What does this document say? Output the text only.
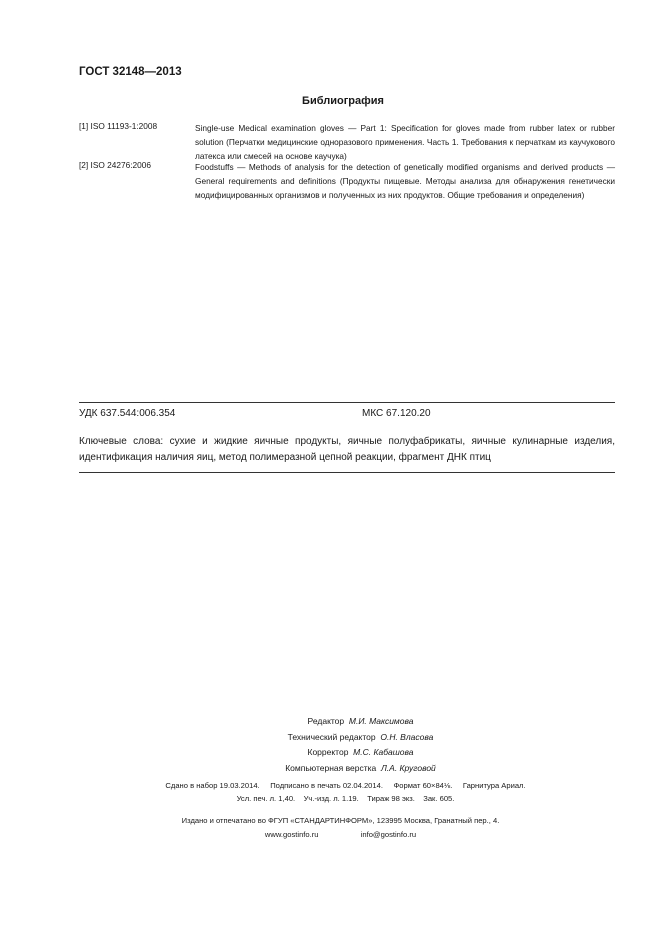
ГОСТ 32148—2013
Библиография
[1] ISO 11193-1:2008	Single-use Medical examination gloves — Part 1: Specification for gloves made from rubber latex or rubber solution (Перчатки медицинские одноразового применения. Часть 1. Требования к перчаткам из каучукового латекса или смесей на основе каучука)
[2] ISO 24276:2006	Foodstuffs — Methods of analysis for the detection of genetically modified organisms and derived products — General requirements and definitions (Продукты пищевые. Методы анализа для обнаружения генетически модифицированных организмов и полученных из них продуктов. Общие требования и определения)
УДК 637.544:006.354	МКС 67.120.20
Ключевые слова: сухие и жидкие яичные продукты, яичные полуфабрикаты, яичные кулинарные изделия, идентификация наличия яиц, метод полимеразной цепной реакции, фрагмент ДНК птиц
Редактор М.И. Максимова
Технический редактор О.Н. Власова
Корректор М.С. Кабашова
Компьютерная верстка Л.А. Круговой
Сдано в набор 19.03.2014.     Подписано в печать 02.04.2014.     Формат 60×84⅛.     Гарнитура Ариал.
Усл. печ. л. 1,40.    Уч.-изд. л. 1.19.    Тираж 98 экз.    Зак. 605.
Издано и отпечатано во ФГУП «СТАНДАРТИНФОРМ», 123995 Москва, Гранатный пер., 4.
www.gostinfo.ru                    info@gostinfo.ru
